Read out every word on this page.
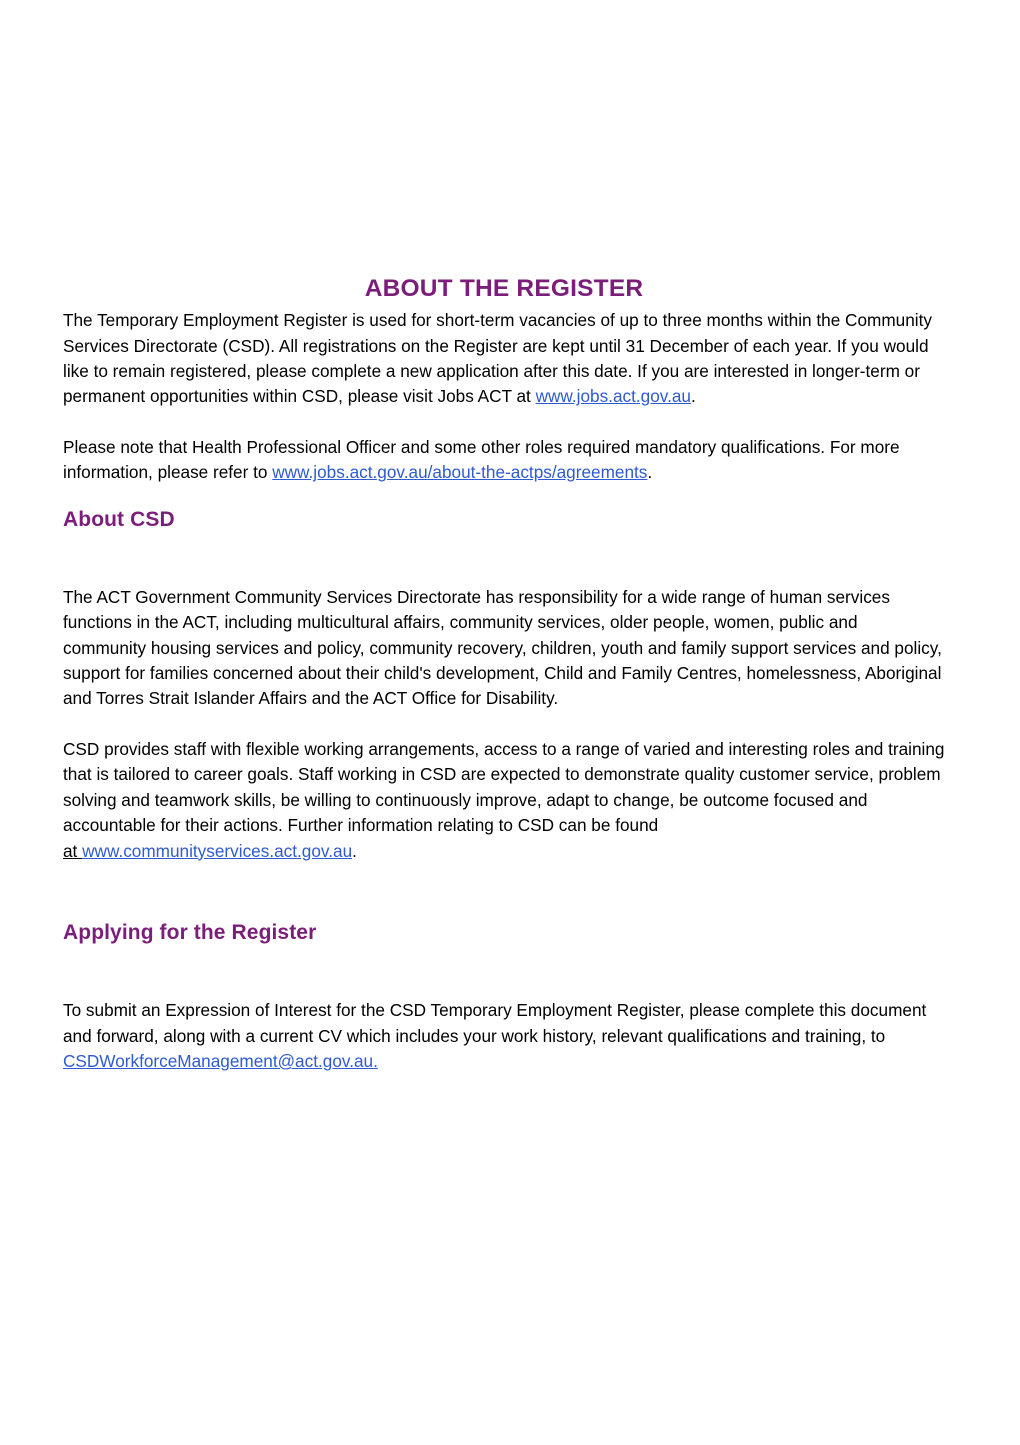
ABOUT THE REGISTER

The Temporary Employment Register is used for short-term vacancies of up to three months within the Community Services Directorate (CSD). All registrations on the Register are kept until 31 December of each year. If you would like to remain registered, please complete a new application after this date. If you are interested in longer-term or permanent opportunities within CSD, please visit Jobs ACT at www.jobs.act.gov.au.

Please note that Health Professional Officer and some other roles required mandatory qualifications. For more information, please refer to www.jobs.act.gov.au/about-the-actps/agreements.

About CSD

The ACT Government Community Services Directorate has responsibility for a wide range of human services functions in the ACT, including multicultural affairs, community services, older people, women, public and community housing services and policy, community recovery, children, youth and family support services and policy, support for families concerned about their child's development, Child and Family Centres, homelessness, Aboriginal and Torres Strait Islander Affairs and the ACT Office for Disability.

CSD provides staff with flexible working arrangements, access to a range of varied and interesting roles and training that is tailored to career goals. Staff working in CSD are expected to demonstrate quality customer service, problem solving and teamwork skills, be willing to continuously improve, adapt to change, be outcome focused and accountable for their actions. Further information relating to CSD can be found at www.communityservices.act.gov.au.

Applying for the Register

To submit an Expression of Interest for the CSD Temporary Employment Register, please complete this document and forward, along with a current CV which includes your work history, relevant qualifications and training, to CSDWorkforceManagement@act.gov.au.
